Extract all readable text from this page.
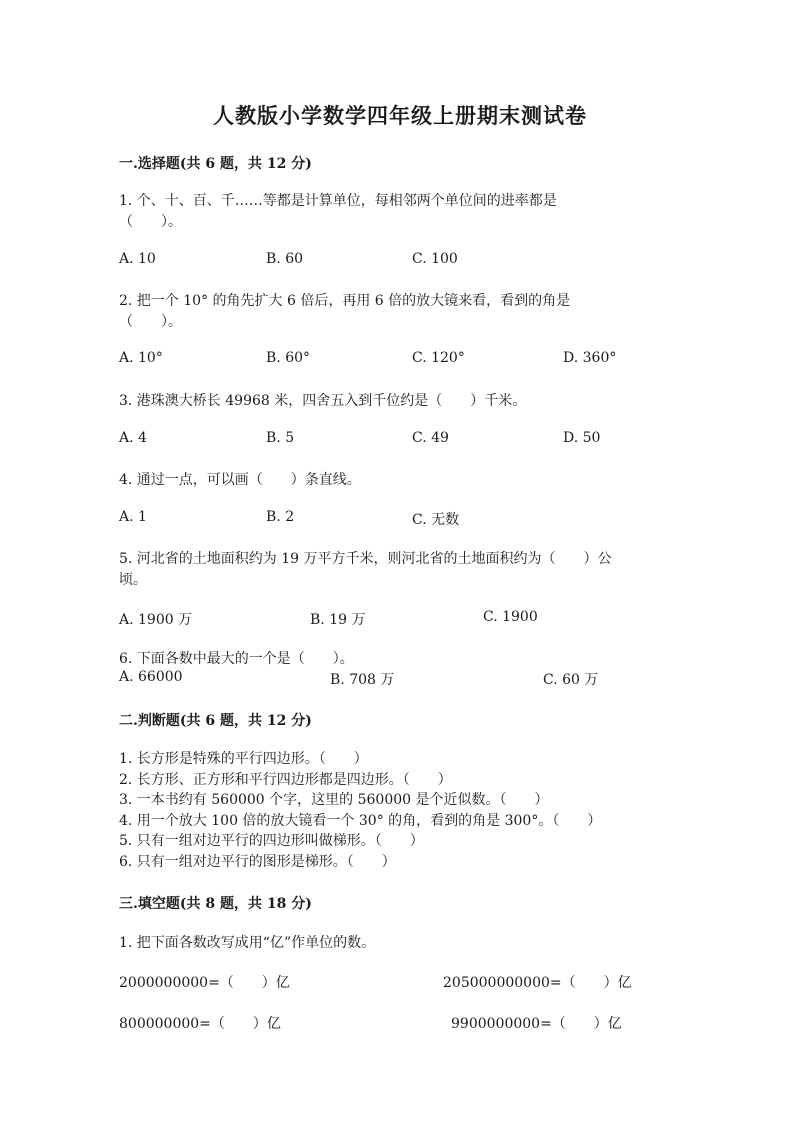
人教版小学数学四年级上册期末测试卷
一.选择题(共 6 题，共 12 分)
1. 个、十、百、千……等都是计算单位，每相邻两个单位间的进率都是
（　　）。
A. 10	B. 60	C. 100
2. 把一个 10° 的角先扩大 6 倍后，再用 6 倍的放大镜来看，看到的角是
（　　）。
A. 10°	B. 60°	C. 120°	D. 360°
3. 港珠澳大桥长 49968 米，四舍五入到千位约是（　　）千米。
A. 4	B. 5	C. 49	D. 50
4. 通过一点，可以画（　　）条直线。
A. 1	B. 2	C. 无数
5. 河北省的土地面积约为 19 万平方千米，则河北省的土地面积约为（　　）公
顷。
A. 1900 万	B. 19 万	C. 1900
6. 下面各数中最大的一个是（　　）。
A. 66000	B. 708 万	C. 60 万
二.判断题(共 6 题，共 12 分)
1. 长方形是特殊的平行四边形。（　　）
2. 长方形、正方形和平行四边形都是四边形。（　　）
3. 一本书约有 560000 个字，这里的 560000 是个近似数。（　　）
4. 用一个放大 100 倍的放大镜看一个 30° 的角，看到的角是 300°。（　　）
5. 只有一组对边平行的四边形叫做梯形。（　　）
6. 只有一组对边平行的图形是梯形。（　　）
三.填空题(共 8 题，共 18 分)
1. 把下面各数改写成用“亿”作单位的数。
2000000000=（　　）亿	205000000000=（　　）亿
800000000=（　　）亿	9900000000=（　　）亿
